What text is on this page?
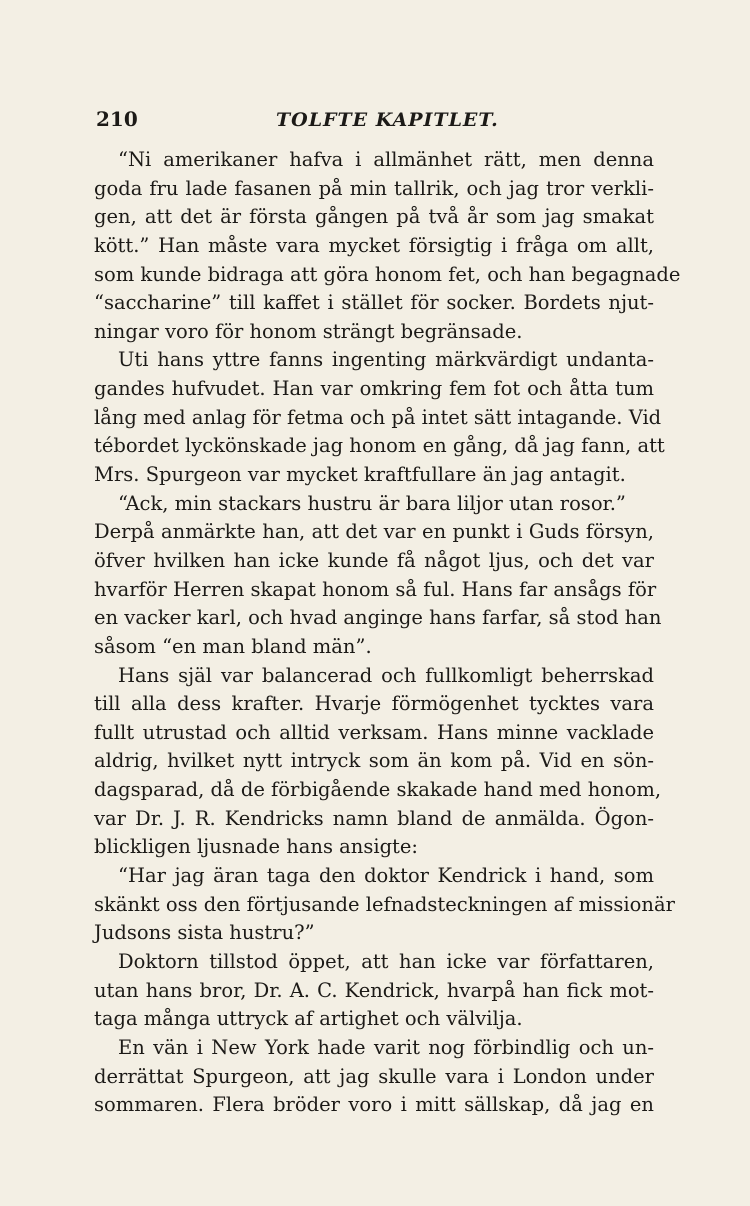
210	TOLFTE KAPITLET.
“Ni amerikaner hafva i allmänhet rätt, men denna
goda fru lade fasanen på min tallrik, och jag tror verkli-
gen, att det är första gången på två år som jag smakat
kött.” Han måste vara mycket försigtig i fråga om allt,
som kunde bidraga att göra honom fet, och han begagnade
“saccharine” till kaffet i stället för socker. Bordets njut-
ningar voro för honom strängt begränsade.
Uti hans yttre fanns ingenting märkvärdigt undanta-
gandes hufvudet. Han var omkring fem fot och åtta tum
lång med anlag för fetma och på intet sätt intagande. Vid
tébordet lyckönskade jag honom en gång, då jag fann, att
Mrs. Spurgeon var mycket kraftfullare än jag antagit.
“Ack, min stackars hustru är bara liljor utan rosor.”
Derpå anmärkte han, att det var en punkt i Guds försyn,
öfver hvilken han icke kunde få något ljus, och det var
hvarför Herren skapat honom så ful. Hans far ansågs för
en vacker karl, och hvad anginge hans farfar, så stod han
såsom “en man bland män”.
Hans själ var balancerad och fullkomligt beherrskad
till alla dess krafter. Hvarje förmögenhet tycktes vara
fullt utrustad och alltid verksam. Hans minne vacklade
aldrig, hvilket nytt intryck som än kom på. Vid en sön-
dagsparad, då de förbigående skakade hand med honom,
var Dr. J. R. Kendricks namn bland de anmälda. Ögon-
blickligen ljusnade hans ansigte:
“Har jag äran taga den doktor Kendrick i hand, som
skänkt oss den förtjusande lefnadsteckningen af missionär
Judsons sista hustru?”
Doktorn tillstod öppet, att han icke var författaren,
utan hans bror, Dr. A. C. Kendrick, hvarpå han fick mot-
taga många uttryck af artighet och välvilja.
En vän i New York hade varit nog förbindlig och un-
derrättat Spurgeon, att jag skulle vara i London under
sommaren. Flera bröder voro i mitt sällskap, då jag en
